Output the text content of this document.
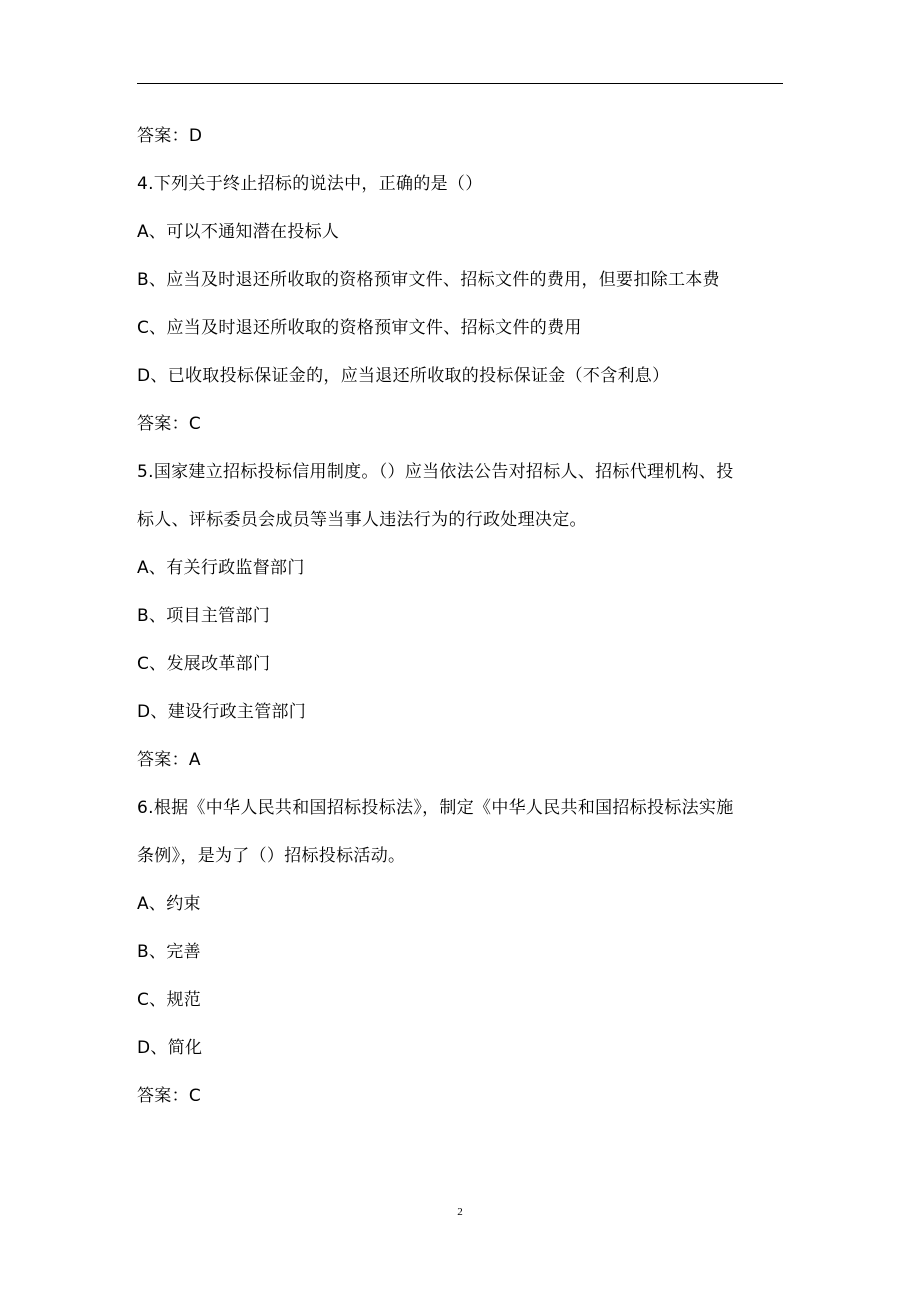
答案：D
4.下列关于终止招标的说法中，正确的是（）
A、可以不通知潜在投标人
B、应当及时退还所收取的资格预审文件、招标文件的费用，但要扣除工本费
C、应当及时退还所收取的资格预审文件、招标文件的费用
D、已收取投标保证金的，应当退还所收取的投标保证金（不含利息）
答案：C
5.国家建立招标投标信用制度。（）应当依法公告对招标人、招标代理机构、投
标人、评标委员会成员等当事人违法行为的行政处理决定。
A、有关行政监督部门
B、项目主管部门
C、发展改革部门
D、建设行政主管部门
答案：A
6.根据《中华人民共和国招标投标法》，制定《中华人民共和国招标投标法实施
条例》，是为了（）招标投标活动。
A、约束
B、完善
C、规范
D、简化
答案：C
2
